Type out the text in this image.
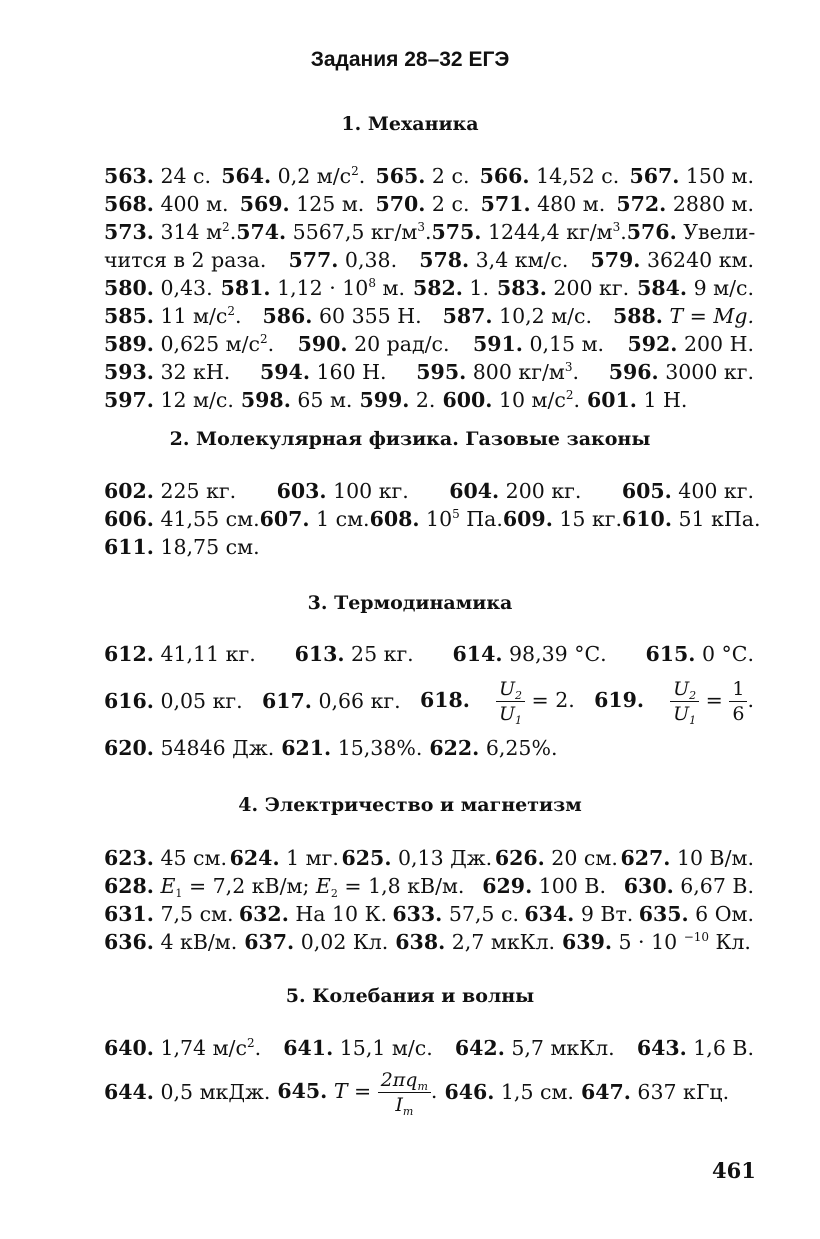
Задания 28–32 ЕГЭ
1. Механика
563. 24 с. 564. 0,2 $м/с^2$. 565. 2 с. 566. 14,52 с. 567. 150 м.
568. 400 м. 569. 125 м. 570. 2 с. 571. 480 м. 572. 2880 м.
573. 314 $м^2$. 574. 5567,5 $кг/м^3$. 575. 1244,4 $кг/м^3$. 576. Увели-
чится в 2 раза. 577. 0,38. 578. 3,4 км/с. 579. 36240 км.
580. 0,43. 581. $1,12 \cdot 10^8$ м. 582. 1. 583. 200 кг. 584. 9 м/с.
585. 11 $м/с^2$. 586. 60 355 Н. 587. 10,2 м/с. 588. T = Mg.
589. 0,625 $м/с^2$. 590. 20 рад/с. 591. 0,15 м. 592. 200 Н.
593. 32 кН. 594. 160 Н. 595. 800 $кг/м^3$. 596. 3000 кг.
597. 12 м/с. 598. 65 м. 599. 2. 600. 10 $м/с^2$. 601. 1 Н.
2. Молекулярная физика. Газовые законы
602. 225 кг. 603. 100 кг. 604. 200 кг. 605. 400 кг.
606. 41,55 см. 607. 1 см. 608. $10^5$ Па. 609. 15 кг. 610. 51 кПа.
611. 18,75 см.
3. Термодинамика
612. 41,11 кг. 613. 25 кг. 614. 98,39 °С. 615. 0 °С.
616. 0,05 кг. 617. 0,66 кг. 618. $\frac{U_2}{U_1} = 2$. 619. $\frac{U_2}{U_1} = \frac{1}{6}$ .
620. 54846 Дж. 621. 15,38%. 622. 6,25%.
4. Электричество и магнетизм
623. 45 см. 624. 1 мг. 625. 0,13 Дж. 626. 20 см. 627. 10 В/м.
628. $E_1 = 7,2$ кВ/м; $E_2 = 1,8$ кВ/м. 629. 100 В. 630. 6,67 В.
631. 7,5 см. 632. На 10 К. 633. 57,5 с. 634. 9 Вт. 635. 6 Ом.
636. 4 кВ/м. 637. 0,02 Кл. 638. 2,7 мкКл. 639. 5 · 10 $^{-10}$ Кл.
5. Колебания и волны
640. 1,74 $м/с^2$. 641. 15,1 м/с. 642. 5,7 мкКл. 643. 1,6 В.
644. 0,5 мкДж. 645. $T = \frac{2\pi q_m}{I_m}$ . 646. 1,5 см. 647. 637 кГц.
461
